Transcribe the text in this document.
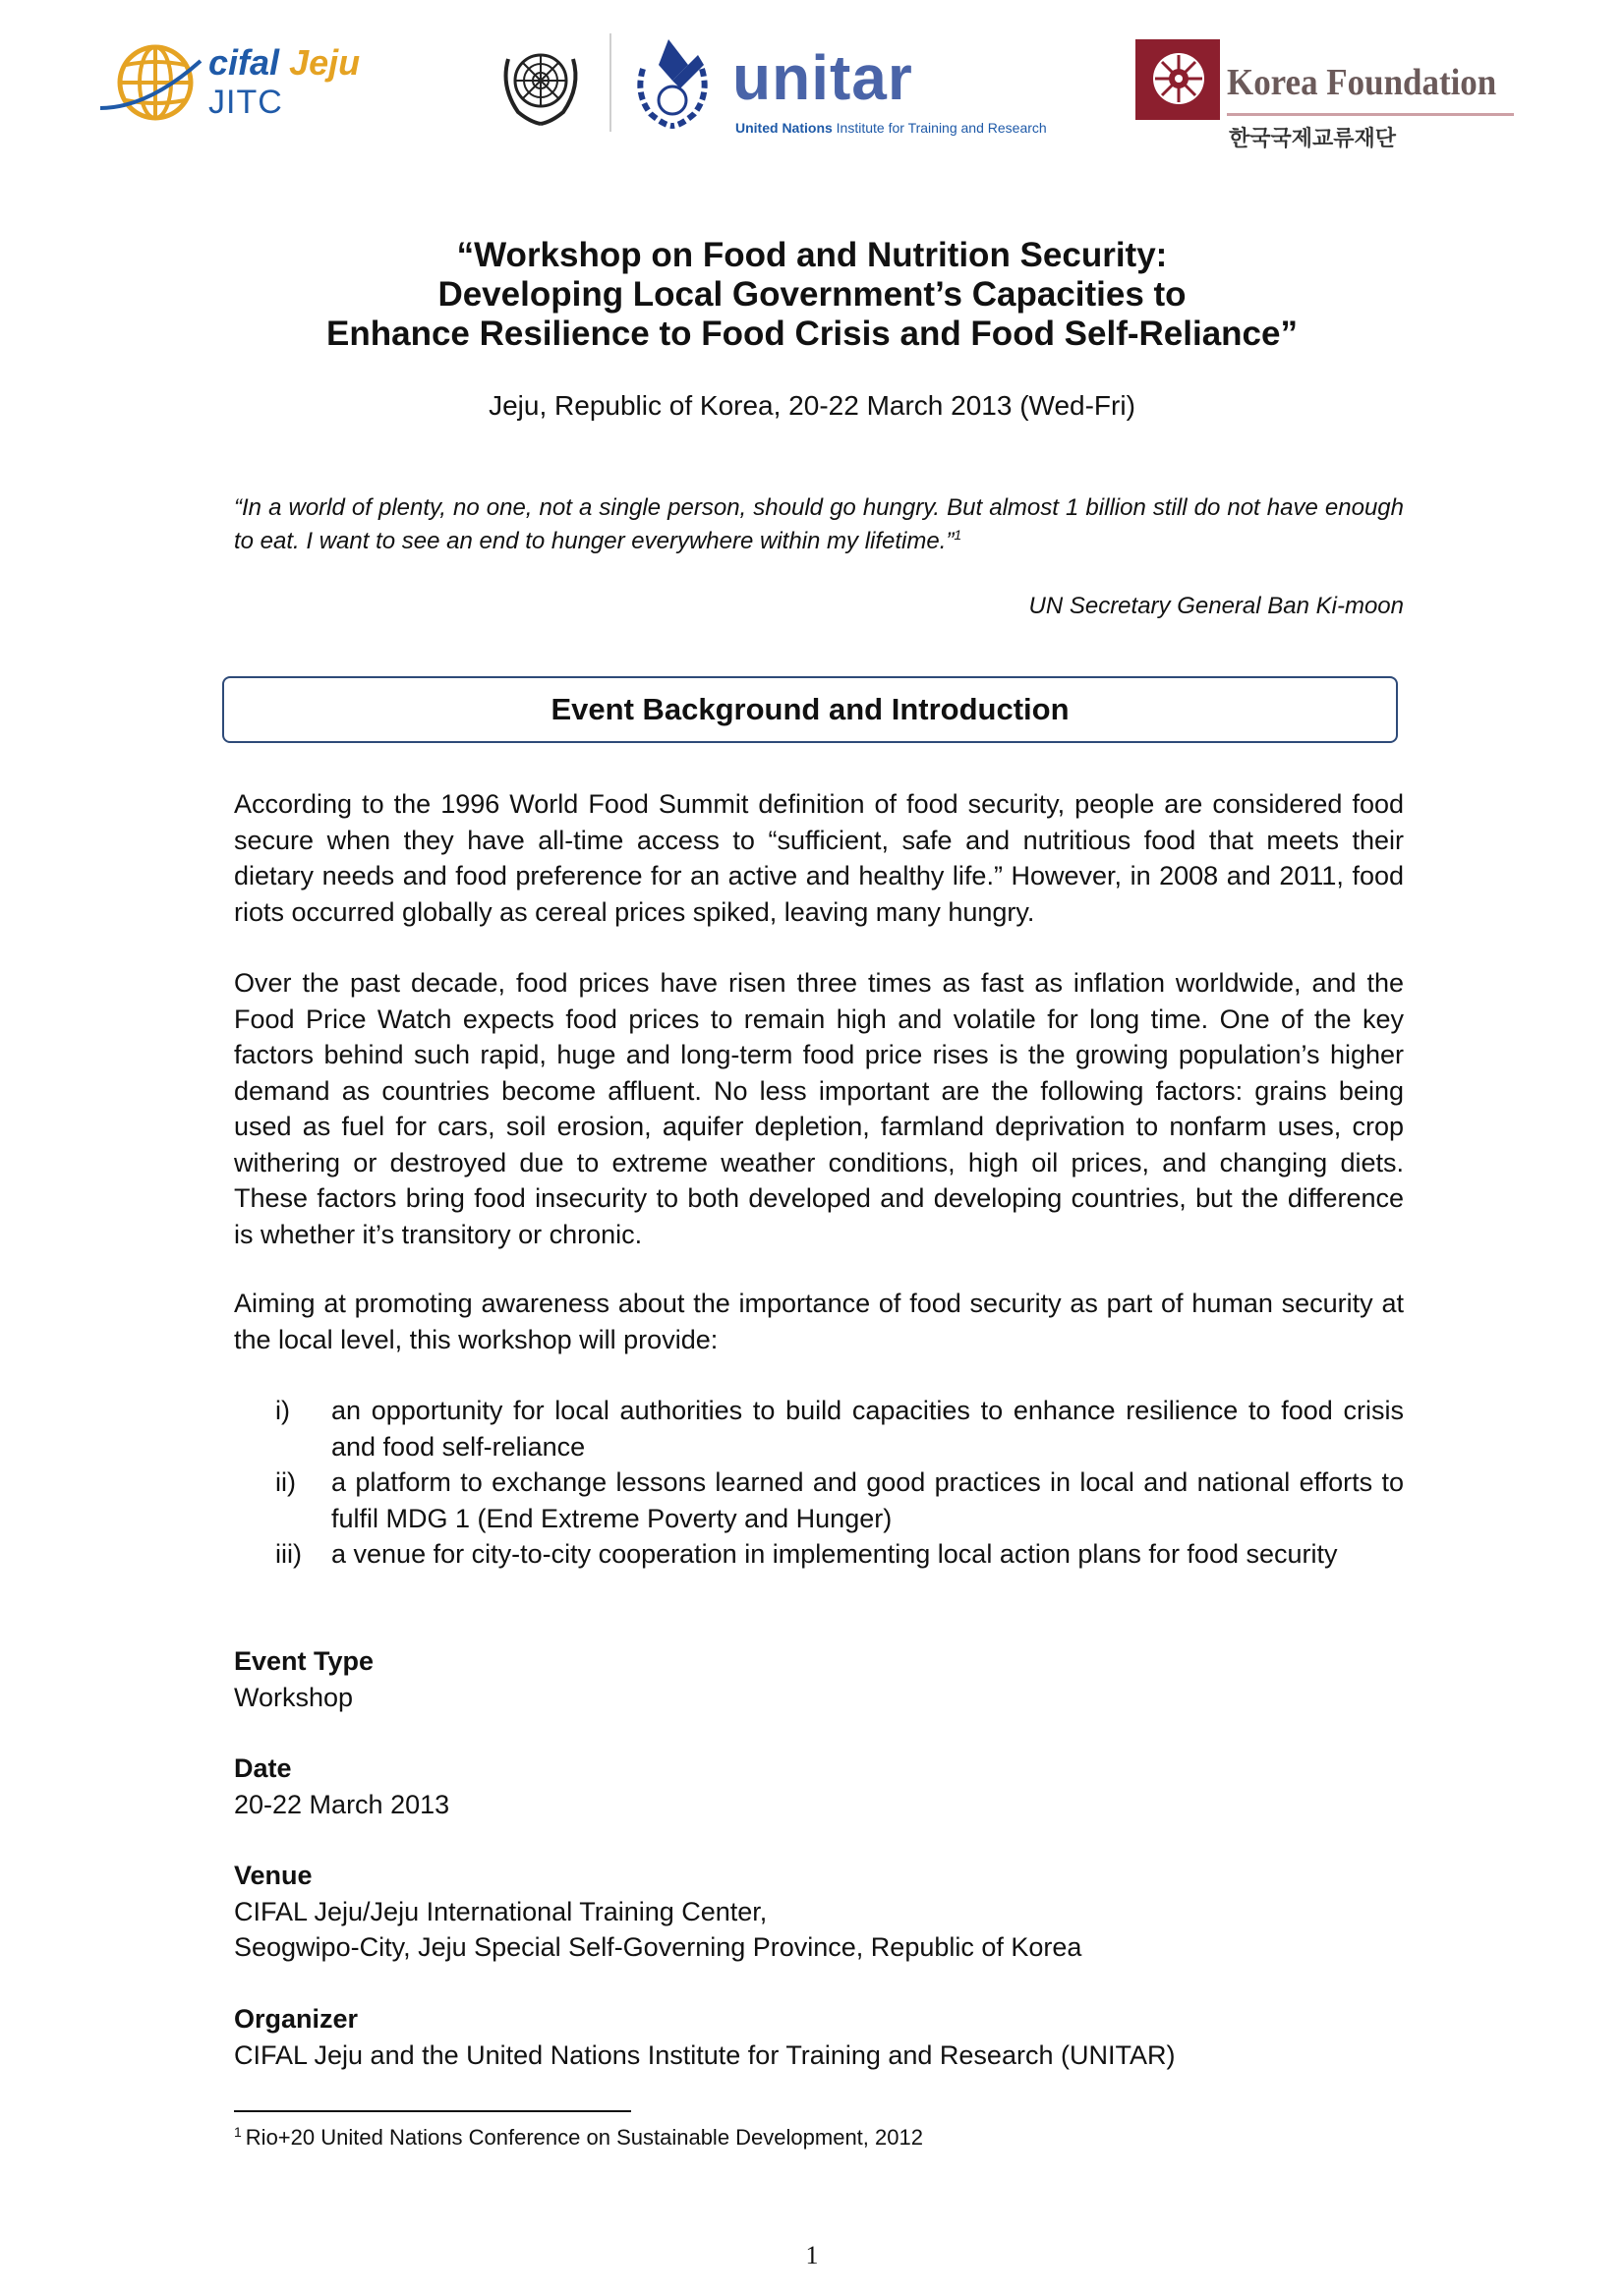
cifal Jeju
JITC	unitar
United Nations Institute for Training and Research
Korea Foundation
한국국제교류재단
“Workshop on Food and Nutrition Security:
Developing Local Government’s Capacities to
Enhance Resilience to Food Crisis and Food Self-Reliance”
Jeju, Republic of Korea, 20-22 March 2013 (Wed-Fri)
“In a world of plenty, no one, not a single person, should go hungry. But almost 1 billion still do not have enough to eat. I want to see an end to hunger everywhere within my lifetime.”$^1$
UN Secretary General Ban Ki-moon
Event Background and Introduction
According to the 1996 World Food Summit definition of food security, people are considered food secure when they have all-time access to “sufficient, safe and nutritious food that meets their dietary needs and food preference for an active and healthy life.” However, in 2008 and 2011, food riots occurred globally as cereal prices spiked, leaving many hungry.
Over the past decade, food prices have risen three times as fast as inflation worldwide, and the Food Price Watch expects food prices to remain high and volatile for long time. One of the key factors behind such rapid, huge and long-term food price rises is the growing population’s higher demand as countries become affluent. No less important are the following factors: grains being used as fuel for cars, soil erosion, aquifer depletion, farmland deprivation to nonfarm uses, crop withering or destroyed due to extreme weather conditions, high oil prices, and changing diets. These factors bring food insecurity to both developed and developing countries, but the difference is whether it’s transitory or chronic.
Aiming at promoting awareness about the importance of food security as part of human security at the local level, this workshop will provide:
i) an opportunity for local authorities to build capacities to enhance resilience to food crisis and food self-reliance
ii) a platform to exchange lessons learned and good practices in local and national efforts to fulfil MDG 1 (End Extreme Poverty and Hunger)
iii) a venue for city-to-city cooperation in implementing local action plans for food security
Event Type
Workshop
Date
20-22 March 2013
Venue
CIFAL Jeju/Jeju International Training Center,
Seogwipo-City, Jeju Special Self-Governing Province, Republic of Korea
Organizer
CIFAL Jeju and the United Nations Institute for Training and Research (UNITAR)
$^1$ Rio+20 United Nations Conference on Sustainable Development, 2012
1
